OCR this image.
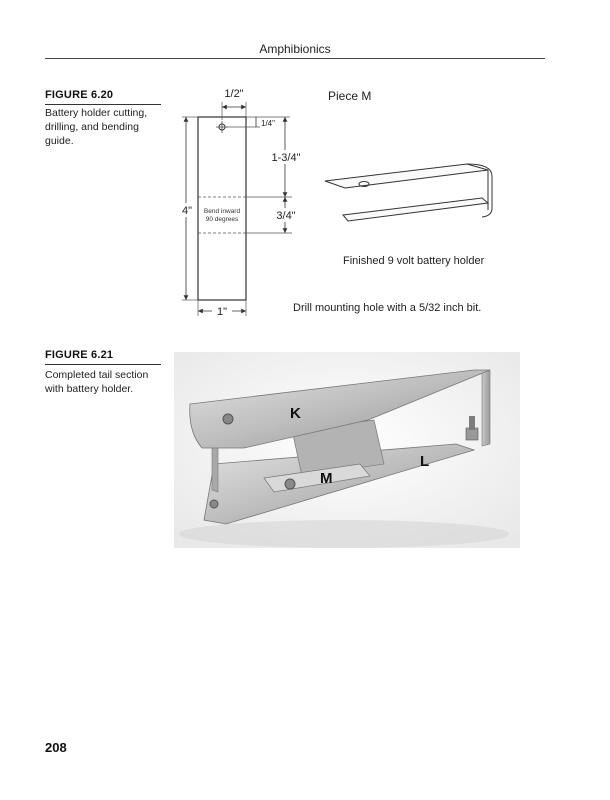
Amphibionics
FIGURE 6.20
Battery holder cutting, drilling, and bending guide.
1/2"
1/4"
1-3/4"
3/4"
Bend inward
90 degrees
4"
1"
Piece M
Finished 9 volt battery holder
Drill mounting hole with a 5/32 inch bit.
FIGURE 6.21
Completed tail section with battery holder.
K
L
M
208
